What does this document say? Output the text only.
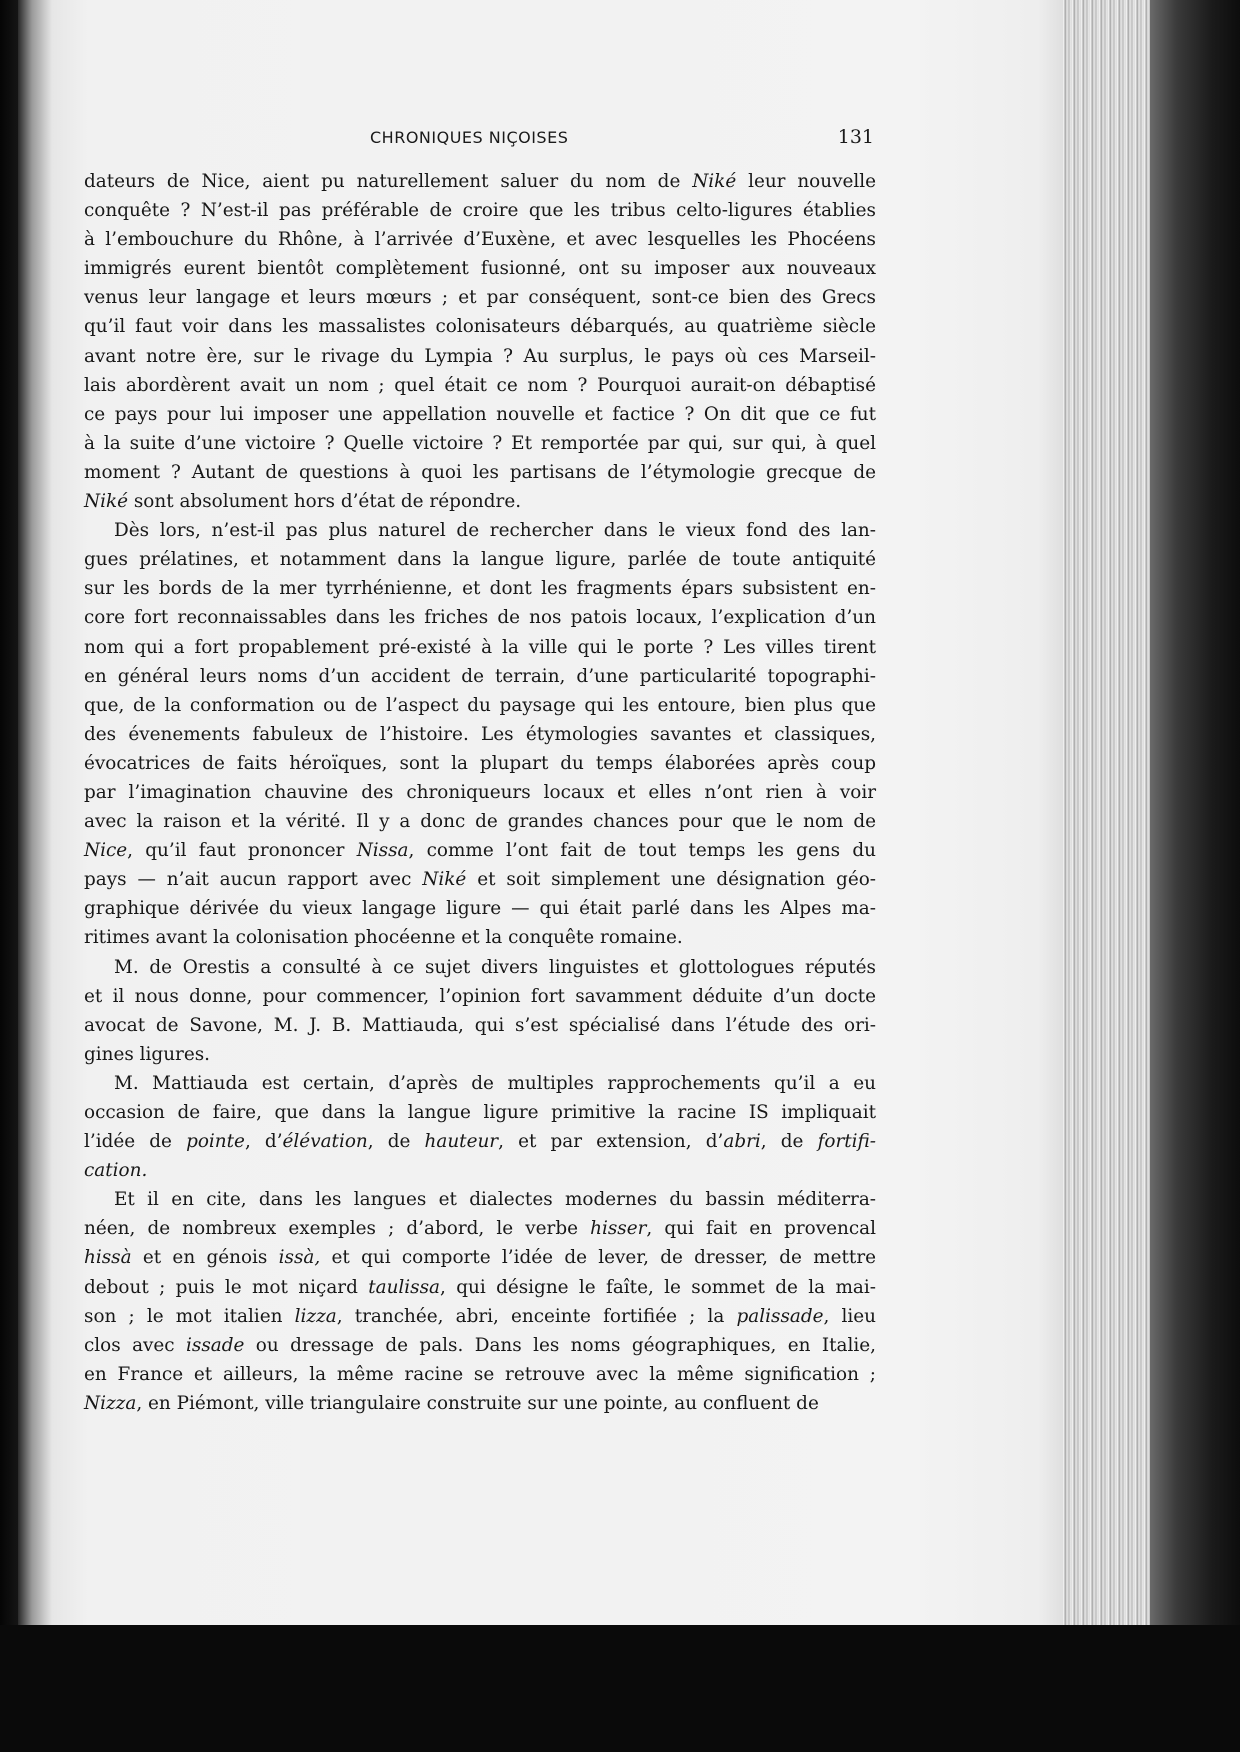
CHRONIQUES NIÇOISES	131
dateurs de Nice, aient pu naturellement saluer du nom de Niké leur nouvelle
conquête ? N’est-il pas préférable de croire que les tribus celto-ligures établies
à l’embouchure du Rhône, à l’arrivée d’Euxène, et avec lesquelles les Phocéens
immigrés eurent bientôt complètement fusionné, ont su imposer aux nouveaux
venus leur langage et leurs mœurs ; et par conséquent, sont-ce bien des Grecs
qu’il faut voir dans les massalistes colonisateurs débarqués, au quatrième siècle
avant notre ère, sur le rivage du Lympia ? Au surplus, le pays où ces Marseil-
lais abordèrent avait un nom ; quel était ce nom ? Pourquoi aurait-on débaptisé
ce pays pour lui imposer une appellation nouvelle et factice ? On dit que ce fut
à la suite d’une victoire ? Quelle victoire ? Et remportée par qui, sur qui, à quel
moment ? Autant de questions à quoi les partisans de l’étymologie grecque de
Niké sont absolument hors d’état de répondre.
Dès lors, n’est-il pas plus naturel de rechercher dans le vieux fond des lan-
gues prélatines, et notamment dans la langue ligure, parlée de toute antiquité
sur les bords de la mer tyrrhénienne, et dont les fragments épars subsistent en-
core fort reconnaissables dans les friches de nos patois locaux, l’explication d’un
nom qui a fort propablement pré-existé à la ville qui le porte ? Les villes tirent
en général leurs noms d’un accident de terrain, d’une particularité topographi-
que, de la conformation ou de l’aspect du paysage qui les entoure, bien plus que
des évenements fabuleux de l’histoire. Les étymologies savantes et classiques,
évocatrices de faits héroïques, sont la plupart du temps élaborées après coup
par l’imagination chauvine des chroniqueurs locaux et elles n’ont rien à voir
avec la raison et la vérité. Il y a donc de grandes chances pour que le nom de
Nice, qu’il faut prononcer Nissa, comme l’ont fait de tout temps les gens du
pays — n’ait aucun rapport avec Niké et soit simplement une désignation géo-
graphique dérivée du vieux langage ligure — qui était parlé dans les Alpes ma-
ritimes avant la colonisation phocéenne et la conquête romaine.
M. de Orestis a consulté à ce sujet divers linguistes et glottologues réputés
et il nous donne, pour commencer, l’opinion fort savamment déduite d’un docte
avocat de Savone, M. J. B. Mattiauda, qui s’est spécialisé dans l’étude des ori-
gines ligures.
M. Mattiauda est certain, d’après de multiples rapprochements qu’il a eu
occasion de faire, que dans la langue ligure primitive la racine IS impliquait
l’idée de pointe, d’élévation, de hauteur, et par extension, d’abri, de fortifi-
cation.
Et il en cite, dans les langues et dialectes modernes du bassin méditerra-
néen, de nombreux exemples ; d’abord, le verbe hisser, qui fait en provencal
hissà et en génois issà, et qui comporte l’idée de lever, de dresser, de mettre
debout ; puis le mot niçard taulissa, qui désigne le faîte, le sommet de la mai-
son ; le mot italien lizza, tranchée, abri, enceinte fortifiée ; la palissade, lieu
clos avec issade ou dressage de pals. Dans les noms géographiques, en Italie,
en France et ailleurs, la même racine se retrouve avec la même signification ;
Nizza, en Piémont, ville triangulaire construite sur une pointe, au confluent de
